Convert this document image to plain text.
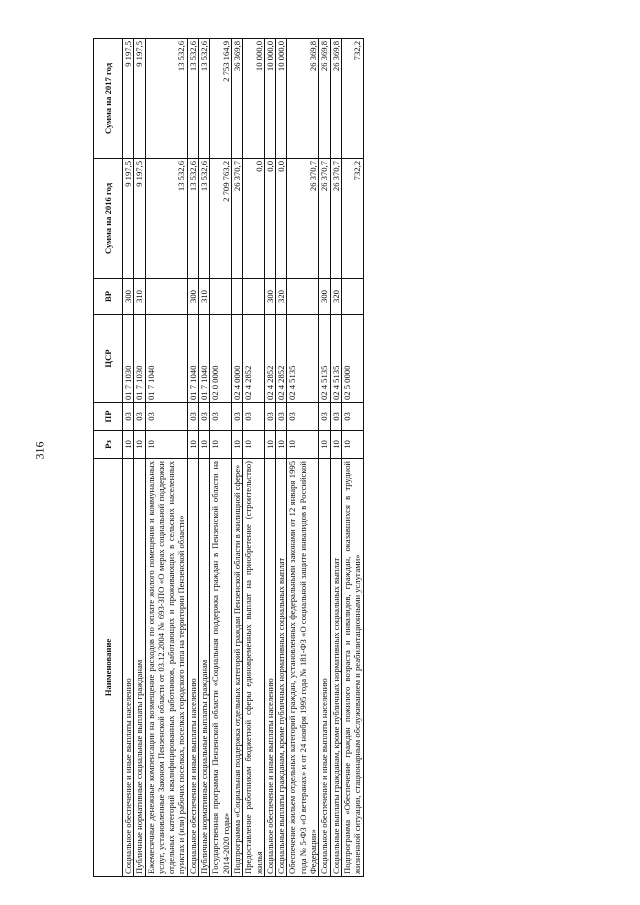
316
Наименование	Рз	ПР	ЦСР	ВР	Сумма на 2016 год	Сумма на 2017 год
Социальное обеспечение и иные выплаты населению	10	03	01 7 1030	300	9 197,5	9 197,5
Публичные нормативные социальные выплаты гражданам	10	03	01 7 1030	310	9 197,5	9 197,5
Ежемесячные денежные компенсации на возмещение расходов по оплате жилого помещения и коммунальных услуг, установленные Законом Пензенской области от 03.12.2004 № 693-ЗПО «О мерах социальной поддержки отдельных категорий квалифицированных работников, работающих и проживающих в сельских населенных пунктах и (или) рабочих поселках, поселках городского типа на территории Пензенской области»	10	03	01 7 1040		13 532,6	13 532,6
Социальное обеспечение и иные выплаты населению	10	03	01 7 1040	300	13 532,6	13 532,6
Публичные нормативные социальные выплаты гражданам	10	03	01 7 1040	310	13 532,6	13 532,6
Государственная программа Пензенской области «Социальная поддержка граждан в Пензенской области на 2014-2020 годы»	10	03	02 0 0000		2 709 763,2	2 753 164,9
Подпрограмма «Социальная поддержка отдельных категорий граждан Пензенской области в жилищной сфере»	10	03	02 4 0000		26 370,7	36 369,8
Предоставление работникам бюджетной сферы единовременных выплат на приобретение (строительство) жилья	10	03	02 4 2852		0,0	10 000,0
Социальное обеспечение и иные выплаты населению	10	03	02 4 2852	300	0,0	10 000,0
Социальные выплаты гражданам, кроме публичных нормативных социальных выплат	10	03	02 4 2852	320	0,0	10 000,0
Обеспечение жильем отдельных категорий граждан, установленных федеральными законами от 12 января 1995 года № 5-ФЗ «О ветеранах» и от 24 ноября 1995 года № 181-ФЗ «О социальной защите инвалидов в Российской Федерации»	10	03	02 4 5135		26 370,7	26 369,8
Социальное обеспечение и иные выплаты населению	10	03	02 4 5135	300	26 370,7	26 369,8
Социальные выплаты гражданам, кроме публичных нормативных социальных выплат	10	03	02 4 5135	320	26 370,7	26 369,8
Подпрограмма «Обеспечение граждан пожилого возраста и инвалидов, граждан, оказавшихся в трудной жизненной ситуации, стационарным обслуживанием и реабилитационными услугами»	10	03	02 5 0000		732,2	732,2
